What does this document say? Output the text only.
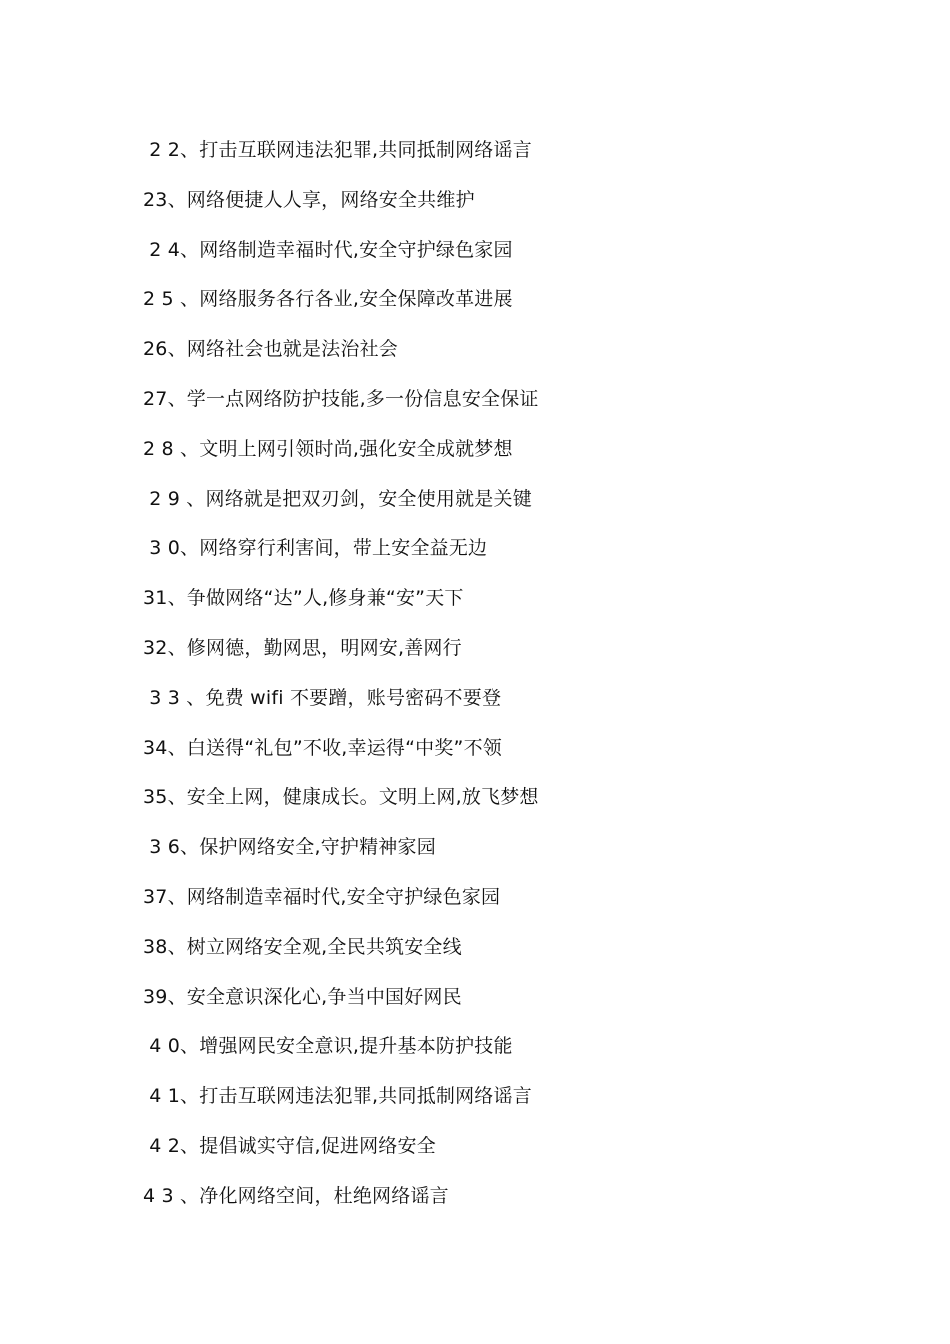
2 2、打击互联网违法犯罪,共同抵制网络谣言
23、网络便捷人人享，网络安全共维护
2 4、网络制造幸福时代,安全守护绿色家园
2 5 、网络服务各行各业,安全保障改革进展
26、网络社会也就是法治社会
27、学一点网络防护技能,多一份信息安全保证
2 8 、文明上网引领时尚,强化安全成就梦想
2 9 、网络就是把双刃剑，安全使用就是关键
3 0、网络穿行利害间，带上安全益无边
31、争做网络“达”人,修身兼“安”天下
32、修网德，勤网思，明网安,善网行
3 3 、免费 wifi 不要蹭，账号密码不要登
34、白送得“礼包”不收,幸运得“中奖”不领
35、安全上网，健康成长。文明上网,放飞梦想
3 6、保护网络安全,守护精神家园
37、网络制造幸福时代,安全守护绿色家园
38、树立网络安全观,全民共筑安全线
39、安全意识深化心,争当中国好网民
4 0、增强网民安全意识,提升基本防护技能
4 1、打击互联网违法犯罪,共同抵制网络谣言
4 2、提倡诚实守信,促进网络安全
4 3 、净化网络空间，杜绝网络谣言
